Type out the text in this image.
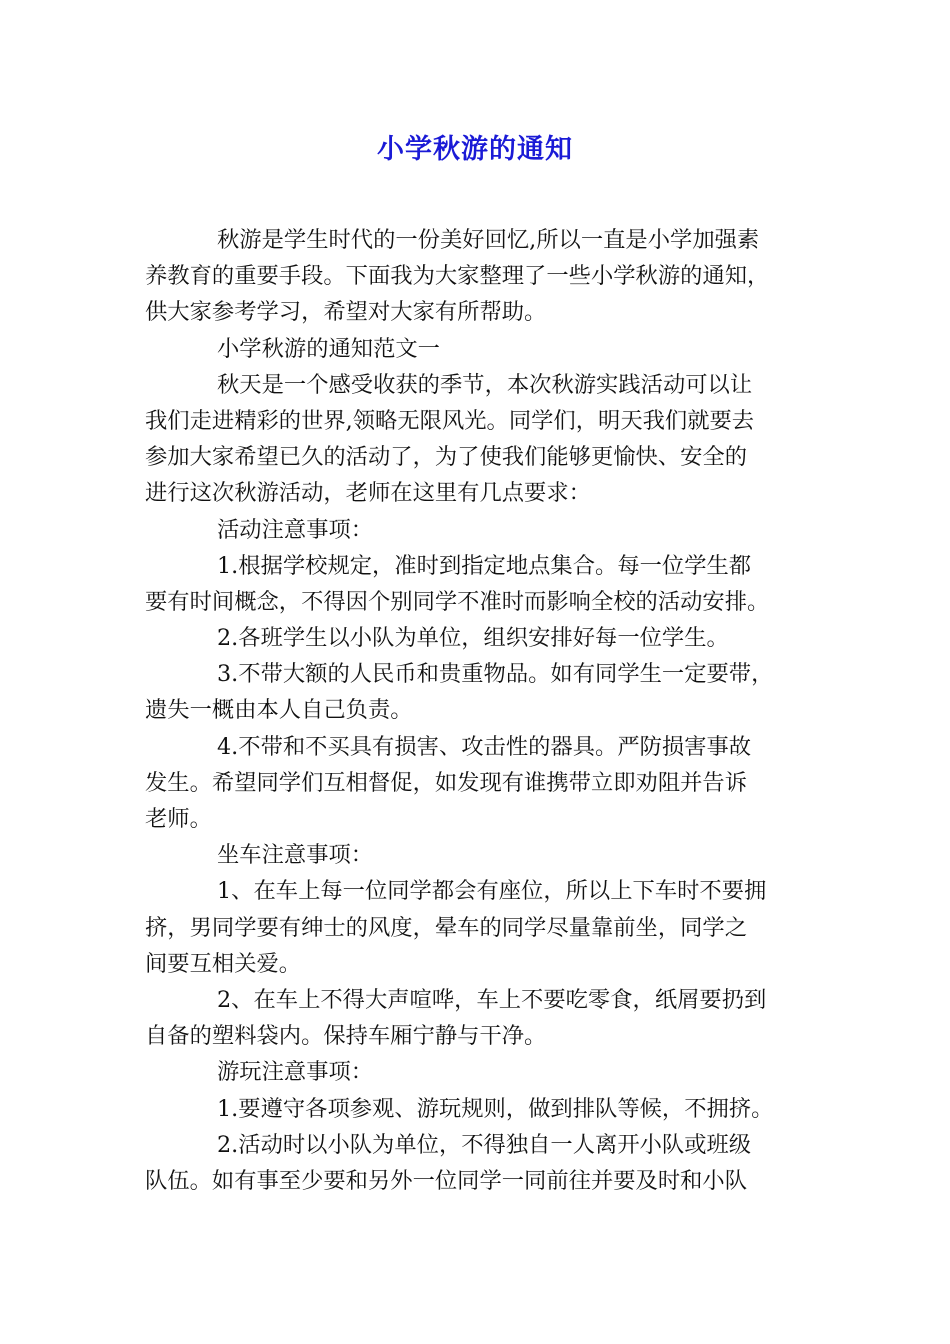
小学秋游的通知
秋游是学生时代的一份美好回忆,所以一直是小学加强素
养教育的重要手段。下面我为大家整理了一些小学秋游的通知，
供大家参考学习，希望对大家有所帮助。
小学秋游的通知范文一
秋天是一个感受收获的季节，本次秋游实践活动可以让
我们走进精彩的世界,领略无限风光。同学们，明天我们就要去
参加大家希望已久的活动了，为了使我们能够更愉快、安全的
进行这次秋游活动，老师在这里有几点要求：
活动注意事项：
1.根据学校规定，准时到指定地点集合。每一位学生都
要有时间概念，不得因个别同学不准时而影响全校的活动安排。
2.各班学生以小队为单位，组织安排好每一位学生。
3.不带大额的人民币和贵重物品。如有同学生一定要带，
遗失一概由本人自己负责。
4.不带和不买具有损害、攻击性的器具。严防损害事故
发生。希望同学们互相督促，如发现有谁携带立即劝阻并告诉
老师。
坐车注意事项：
1、在车上每一位同学都会有座位，所以上下车时不要拥
挤，男同学要有绅士的风度，晕车的同学尽量靠前坐，同学之
间要互相关爱。
2、在车上不得大声喧哗，车上不要吃零食，纸屑要扔到
自备的塑料袋内。保持车厢宁静与干净。
游玩注意事项：
1.要遵守各项参观、游玩规则，做到排队等候，不拥挤。
2.活动时以小队为单位，不得独自一人离开小队或班级
队伍。如有事至少要和另外一位同学一同前往并要及时和小队
